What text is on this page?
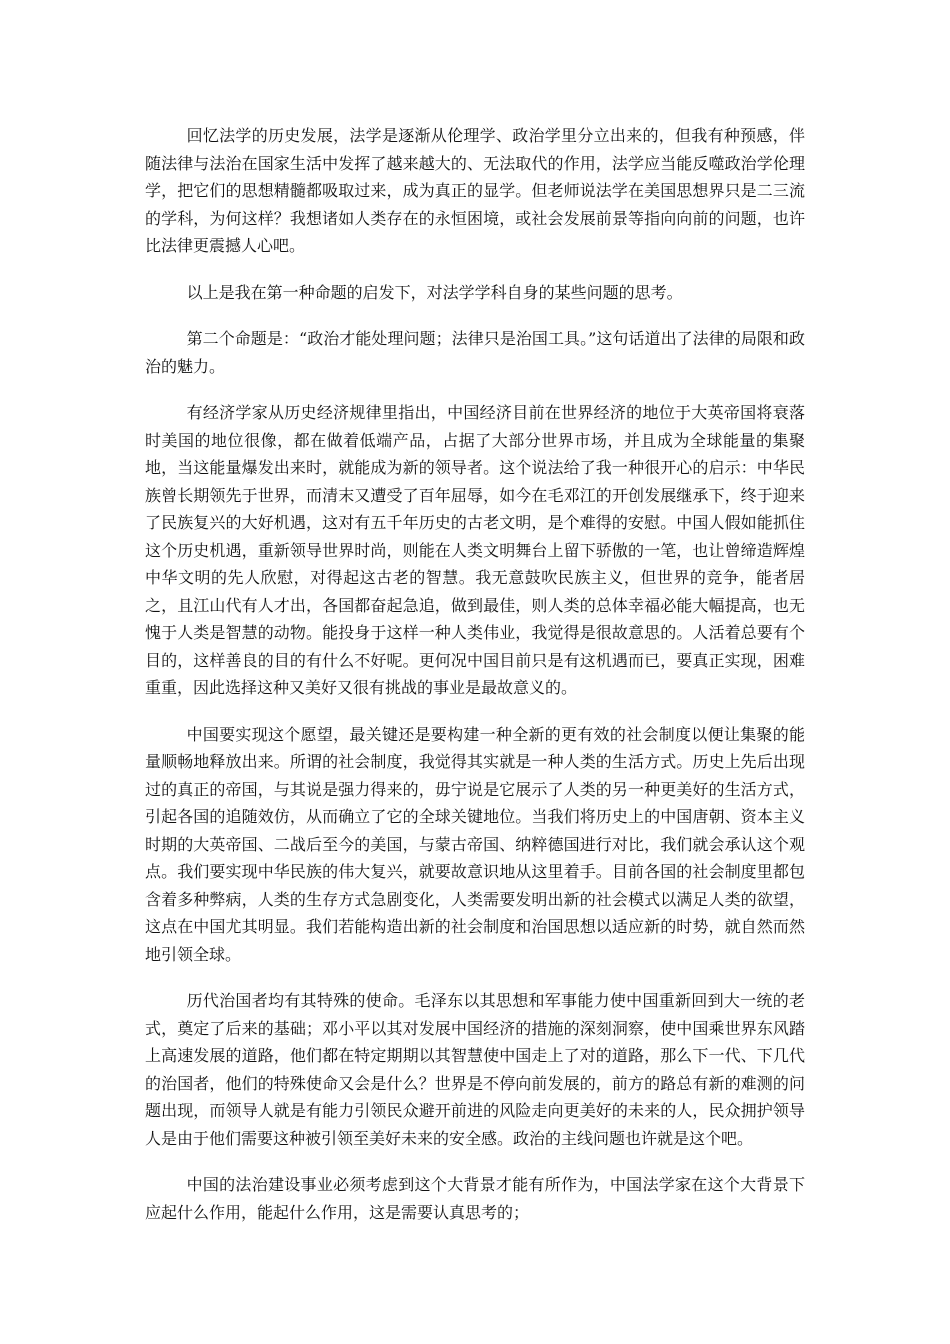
回忆法学的历史发展，法学是逐渐从伦理学、政治学里分立出来的，但我有种预感，伴随法律与法治在国家生活中发挥了越来越大的、无法取代的作用，法学应当能反噬政治学伦理学，把它们的思想精髓都吸取过来，成为真正的显学。但老师说法学在美国思想界只是二三流的学科，为何这样？我想诸如人类存在的永恒困境，或社会发展前景等指向向前的问题，也许比法律更震撼人心吧。

以上是我在第一种命题的启发下，对法学学科自身的某些问题的思考。

第二个命题是：“政治才能处理问题；法律只是治国工具。”这句话道出了法律的局限和政治的魅力。

有经济学家从历史经济规律里指出，中国经济目前在世界经济的地位于大英帝国将衰落时美国的地位很像，都在做着低端产品，占据了大部分世界市场，并且成为全球能量的集聚地，当这能量爆发出来时，就能成为新的领导者。这个说法给了我一种很开心的启示：中华民族曾长期领先于世界，而清末又遭受了百年屈辱，如今在毛邓江的开创发展继承下，终于迎来了民族复兴的大好机遇，这对有五千年历史的古老文明，是个难得的安慰。中国人假如能抓住这个历史机遇，重新领导世界时尚，则能在人类文明舞台上留下骄傲的一笔，也让曾缔造辉煌中华文明的先人欣慰，对得起这古老的智慧。我无意鼓吹民族主义，但世界的竞争，能者居之，且江山代有人才出，各国都奋起急追，做到最佳，则人类的总体幸福必能大幅提高，也无愧于人类是智慧的动物。能投身于这样一种人类伟业，我觉得是很故意思的。人活着总要有个目的，这样善良的目的有什么不好呢。更何况中国目前只是有这机遇而已，要真正实现，困难重重，因此选择这种又美好又很有挑战的事业是最故意义的。

中国要实现这个愿望，最关键还是要构建一种全新的更有效的社会制度以便让集聚的能量顺畅地释放出来。所谓的社会制度，我觉得其实就是一种人类的生活方式。历史上先后出现过的真正的帝国，与其说是强力得来的，毋宁说是它展示了人类的另一种更美好的生活方式，引起各国的追随效仿，从而确立了它的全球关键地位。当我们将历史上的中国唐朝、资本主义时期的大英帝国、二战后至今的美国，与蒙古帝国、纳粹德国进行对比，我们就会承认这个观点。我们要实现中华民族的伟大复兴，就要故意识地从这里着手。目前各国的社会制度里都包含着多种弊病，人类的生存方式急剧变化，人类需要发明出新的社会模式以满足人类的欲望，这点在中国尤其明显。我们若能构造出新的社会制度和治国思想以适应新的时势，就自然而然地引领全球。

历代治国者均有其特殊的使命。毛泽东以其思想和军事能力使中国重新回到大一统的老式，奠定了后来的基础；邓小平以其对发展中国经济的措施的深刻洞察，使中国乘世界东风踏上高速发展的道路，他们都在特定期期以其智慧使中国走上了对的道路，那么下一代、下几代的治国者，他们的特殊使命又会是什么？世界是不停向前发展的，前方的路总有新的难测的问题出现，而领导人就是有能力引领民众避开前进的风险走向更美好的未来的人，民众拥护领导人是由于他们需要这种被引领至美好未来的安全感。政治的主线问题也许就是这个吧。

中国的法治建设事业必须考虑到这个大背景才能有所作为，中国法学家在这个大背景下应起什么作用，能起什么作用，这是需要认真思考的；
